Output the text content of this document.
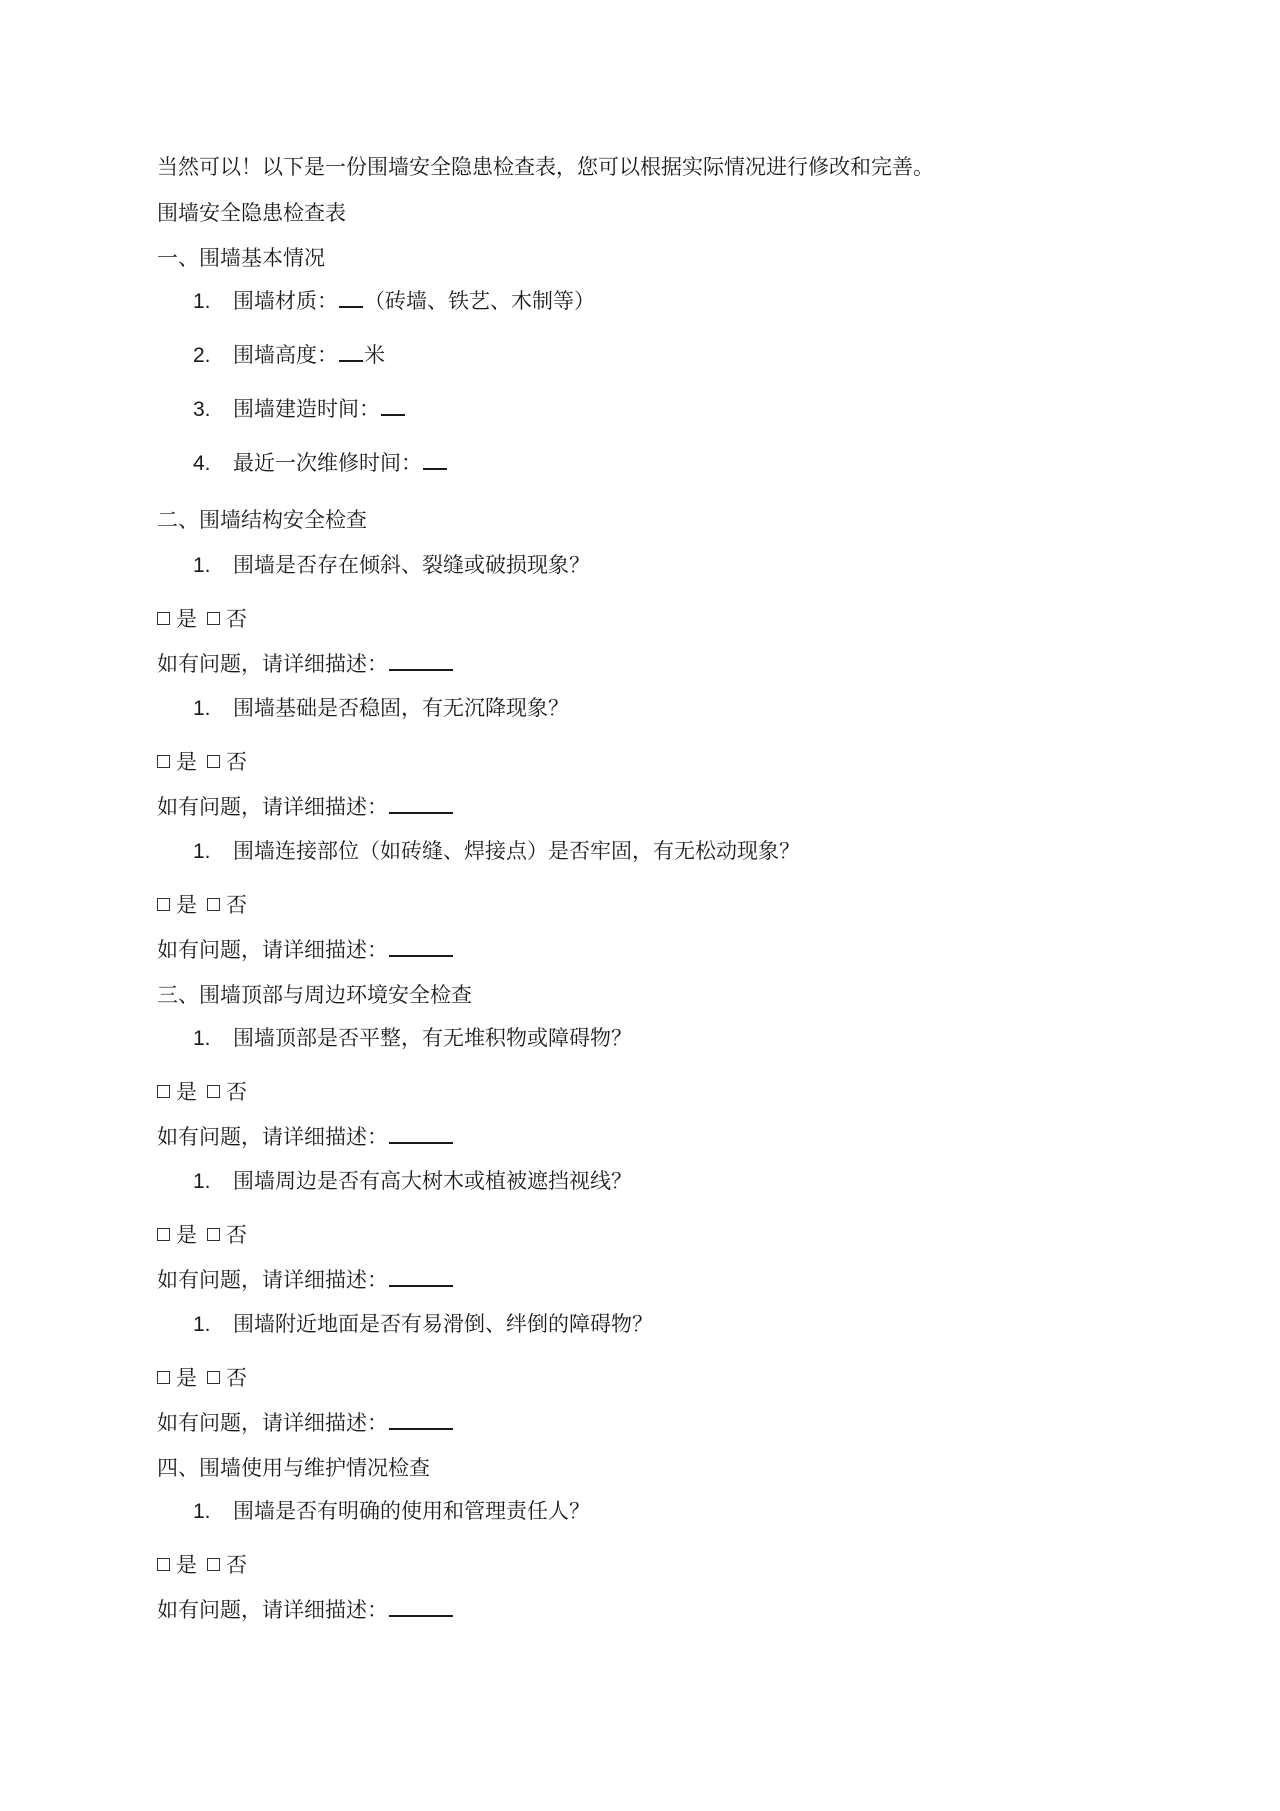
当然可以！以下是一份围墙安全隐患检查表，您可以根据实际情况进行修改和完善。
围墙安全隐患检查表
一、围墙基本情况
1. 围墙材质： （砖墙、铁艺、木制等）
2. 围墙高度： 米
3. 围墙建造时间：
4. 最近一次维修时间：
二、围墙结构安全检查
1. 围墙是否存在倾斜、裂缝或破损现象？
是 否
如有问题，请详细描述：
1. 围墙基础是否稳固，有无沉降现象？
是 否
如有问题，请详细描述：
1. 围墙连接部位（如砖缝、焊接点）是否牢固，有无松动现象？
是 否
如有问题，请详细描述：
三、围墙顶部与周边环境安全检查
1. 围墙顶部是否平整，有无堆积物或障碍物？
是 否
如有问题，请详细描述：
1. 围墙周边是否有高大树木或植被遮挡视线？
是 否
如有问题，请详细描述：
1. 围墙附近地面是否有易滑倒、绊倒的障碍物？
是 否
如有问题，请详细描述：
四、围墙使用与维护情况检查
1. 围墙是否有明确的使用和管理责任人？
是 否
如有问题，请详细描述：
